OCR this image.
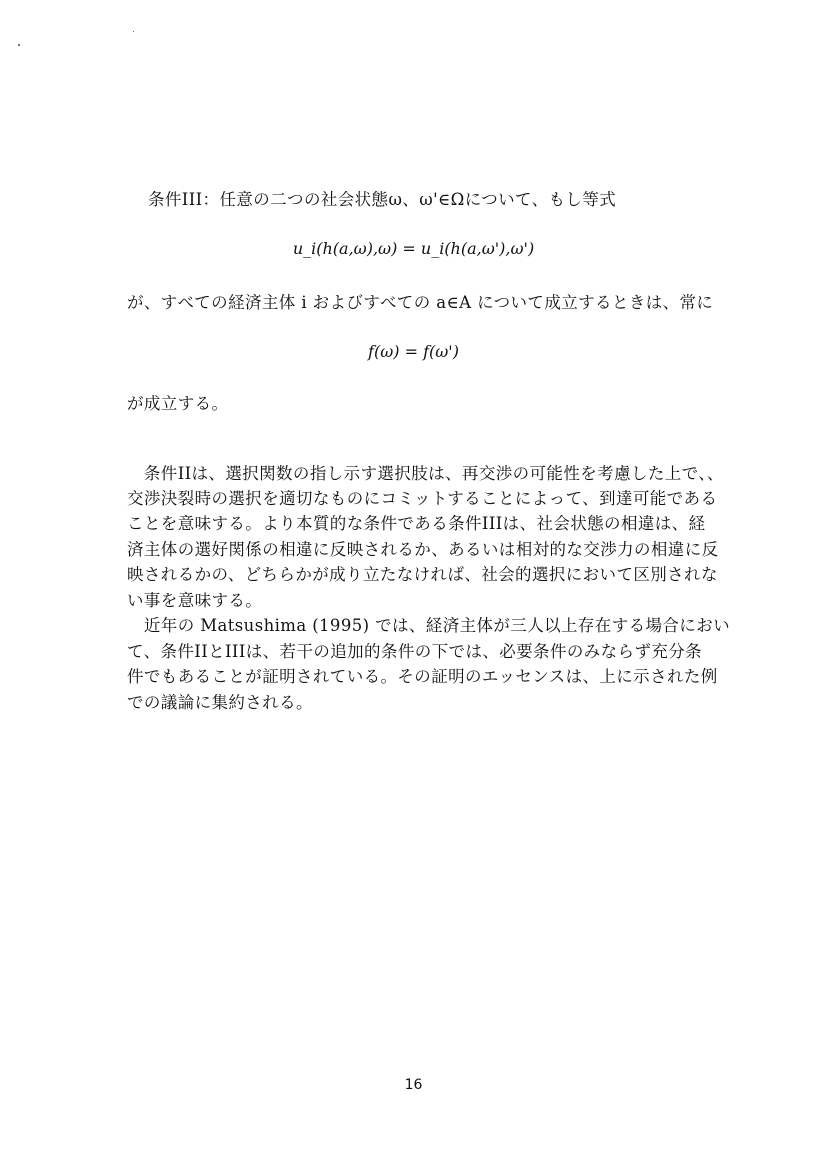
条件III：任意の二つの社会状態ω、ω'∈Ωについて、もし等式
u_i(h(a,ω),ω) = u_i(h(a,ω'),ω')
が、すべての経済主体 i およびすべての a∈A について成立するときは、常に
f(ω) = f(ω')
が成立する。
　条件IIは、選択関数の指し示す選択肢は、再交渉の可能性を考慮した上で、、
交渉決裂時の選択を適切なものにコミットすることによって、到達可能である
ことを意味する。より本質的な条件である条件IIIは、社会状態の相違は、経
済主体の選好関係の相違に反映されるか、あるいは相対的な交渉力の相違に反
映されるかの、どちらかが成り立たなければ、社会的選択において区別されな
い事を意味する。
　近年の Matsushima (1995) では、経済主体が三人以上存在する場合におい
て、条件IIとIIIは、若干の追加的条件の下では、必要条件のみならず充分条
件でもあることが証明されている。その証明のエッセンスは、上に示された例
での議論に集約される。
16
